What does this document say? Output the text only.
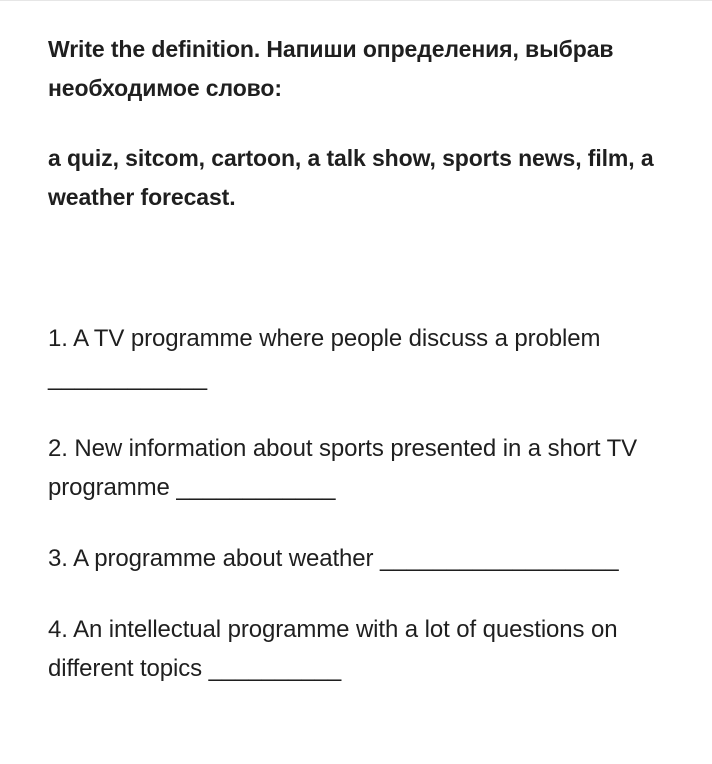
Write the definition. Напиши определения, выбрав необходимое слово:

a quiz, sitcom, cartoon, a talk show, sports news, film, a weather forecast.

1. A TV programme where people discuss a problem
____________

2. New information about sports presented in a short TV programme ____________

3. A programme about weather __________________

4. An intellectual programme with a lot of questions on different topics __________
